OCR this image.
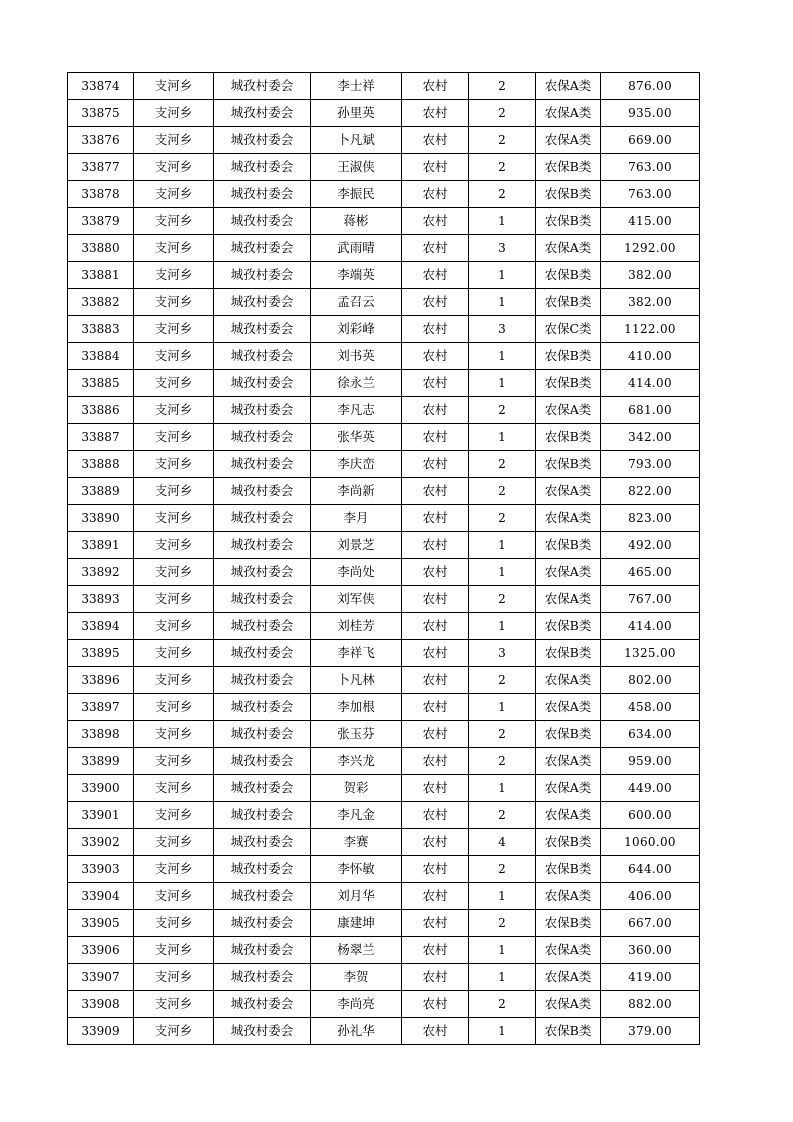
33874	支河乡	城孜村委会	李士祥	农村	2	农保A类	876.00
33875	支河乡	城孜村委会	孙里英	农村	2	农保A类	935.00
33876	支河乡	城孜村委会	卜凡斌	农村	2	农保A类	669.00
33877	支河乡	城孜村委会	王淑侠	农村	2	农保B类	763.00
33878	支河乡	城孜村委会	李振民	农村	2	农保B类	763.00
33879	支河乡	城孜村委会	蒋彬	农村	1	农保B类	415.00
33880	支河乡	城孜村委会	武雨晴	农村	3	农保A类	1292.00
33881	支河乡	城孜村委会	李端英	农村	1	农保B类	382.00
33882	支河乡	城孜村委会	孟召云	农村	1	农保B类	382.00
33883	支河乡	城孜村委会	刘彩峰	农村	3	农保C类	1122.00
33884	支河乡	城孜村委会	刘书英	农村	1	农保B类	410.00
33885	支河乡	城孜村委会	徐永兰	农村	1	农保B类	414.00
33886	支河乡	城孜村委会	李凡志	农村	2	农保A类	681.00
33887	支河乡	城孜村委会	张华英	农村	1	农保B类	342.00
33888	支河乡	城孜村委会	李庆峦	农村	2	农保B类	793.00
33889	支河乡	城孜村委会	李尚新	农村	2	农保A类	822.00
33890	支河乡	城孜村委会	李月	农村	2	农保A类	823.00
33891	支河乡	城孜村委会	刘景芝	农村	1	农保B类	492.00
33892	支河乡	城孜村委会	李尚处	农村	1	农保A类	465.00
33893	支河乡	城孜村委会	刘军侠	农村	2	农保A类	767.00
33894	支河乡	城孜村委会	刘桂芳	农村	1	农保B类	414.00
33895	支河乡	城孜村委会	李祥飞	农村	3	农保B类	1325.00
33896	支河乡	城孜村委会	卜凡林	农村	2	农保A类	802.00
33897	支河乡	城孜村委会	李加根	农村	1	农保A类	458.00
33898	支河乡	城孜村委会	张玉芬	农村	2	农保B类	634.00
33899	支河乡	城孜村委会	李兴龙	农村	2	农保A类	959.00
33900	支河乡	城孜村委会	贺彩	农村	1	农保A类	449.00
33901	支河乡	城孜村委会	李凡金	农村	2	农保A类	600.00
33902	支河乡	城孜村委会	李赛	农村	4	农保B类	1060.00
33903	支河乡	城孜村委会	李怀敏	农村	2	农保B类	644.00
33904	支河乡	城孜村委会	刘月华	农村	1	农保A类	406.00
33905	支河乡	城孜村委会	康建坤	农村	2	农保B类	667.00
33906	支河乡	城孜村委会	杨翠兰	农村	1	农保A类	360.00
33907	支河乡	城孜村委会	李贺	农村	1	农保A类	419.00
33908	支河乡	城孜村委会	李尚亮	农村	2	农保A类	882.00
33909	支河乡	城孜村委会	孙礼华	农村	1	农保B类	379.00
